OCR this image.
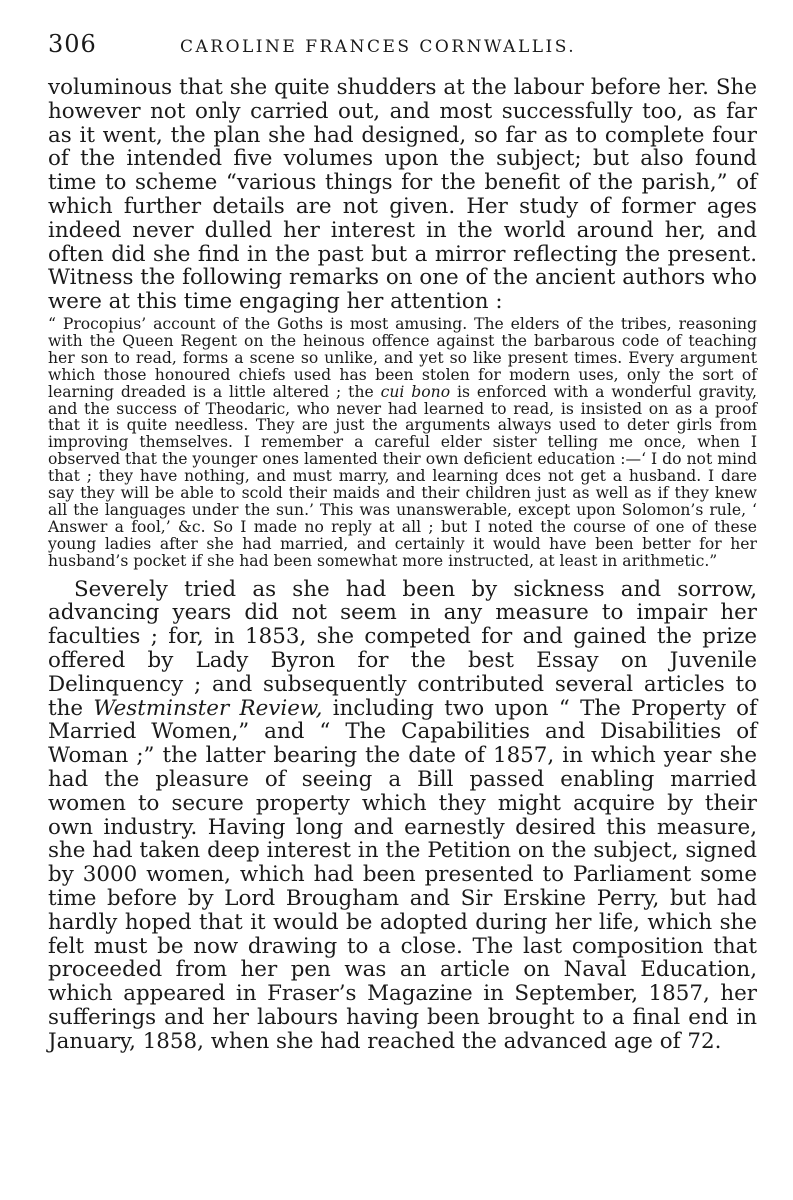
306	CAROLINE FRANCES CORNWALLIS.

voluminous that she quite shudders at the labour before her. She however not only carried out, and most successfully too, as far as it went, the plan she had designed, so far as to complete four of the intended five volumes upon the subject; but also found time to scheme “various things for the benefit of the parish,” of which further details are not given. Her study of former ages indeed never dulled her interest in the world around her, and often did she find in the past but a mirror reflecting the present. Witness the following remarks on one of the ancient authors who were at this time engaging her attention :

“ Procopius’ account of the Goths is most amusing. The elders of the tribes, reasoning with the Queen Regent on the heinous offence against the barbarous code of teaching her son to read, forms a scene so unlike, and yet so like present times. Every argument which those honoured chiefs used has been stolen for modern uses, only the sort of learning dreaded is a little altered ; the cui bono is enforced with a wonderful gravity, and the success of Theodaric, who never had learned to read, is insisted on as a proof that it is quite needless. They are just the arguments always used to deter girls from improving themselves. I remember a careful elder sister telling me once, when I observed that the younger ones lamented their own deficient education :—‘ I do not mind that ; they have nothing, and must marry, and learning dces not get a husband. I dare say they will be able to scold their maids and their children just as well as if they knew all the languages under the sun.’ This was unanswerable, except upon Solomon’s rule, ‘ Answer a fool,’ &c. So I made no reply at all ; but I noted the course of one of these young ladies after she had married, and certainly it would have been better for her husband’s pocket if she had been somewhat more instructed, at least in arithmetic.”

Severely tried as she had been by sickness and sorrow, advancing years did not seem in any measure to impair her faculties ; for, in 1853, she competed for and gained the prize offered by Lady Byron for the best Essay on Juvenile Delinquency ; and subsequently contributed several articles to the Westminster Review, including two upon “ The Property of Married Women,” and “ The Capabilities and Disabilities of Woman ;” the latter bearing the date of 1857, in which year she had the pleasure of seeing a Bill passed enabling married women to secure property which they might acquire by their own industry. Having long and earnestly desired this measure, she had taken deep interest in the Petition on the subject, signed by 3000 women, which had been presented to Parliament some time before by Lord Brougham and Sir Erskine Perry, but had hardly hoped that it would be adopted during her life, which she felt must be now drawing to a close. The last composition that proceeded from her pen was an article on Naval Education, which appeared in Fraser’s Magazine in September, 1857, her sufferings and her labours having been brought to a final end in January, 1858, when she had reached the advanced age of 72.
